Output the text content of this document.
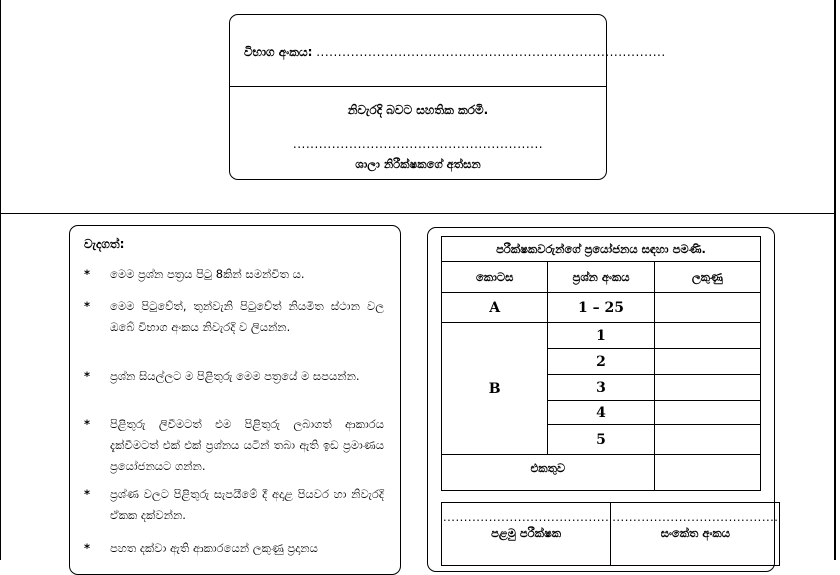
විභාග අංකය: .................................................................................
නිවැරදි බවට සහතික කරමි.
..........................................................
ශාලා නිරීක්ෂකගේ අත්සන
වැදගත්:
*	මෙම ප්‍රශ්න පත්‍රය පිටු 8කින් සමන්විත ය.
*	මෙම පිටුවේත්, තුන්වැනි පිටුවේත් නියමිත ස්ථාන වල ඔබේ විභාග අංකය නිවැරදි ව ලියන්න.
*	ප්‍රශ්න සියල්ලට ම පිළිතුරු මෙම පත්‍රයේ ම සපයන්න.
*	පිළිතුරු ලිවීමටත් එම පිළිතුරු ලබාගත් ආකාරය දැක්වීමටත් එක් එක් ප්‍රශ්නය යටින් තබා ඇති ඉඩ ප්‍රමාණය ප්‍රයෝජනයට ගන්න.
*	ප්‍රශ්ණ වලට පිළිතුරු සැපයීමේ දී අදාළ පියවර හා නිවැරදි ඒකක දක්වන්න.
*	පහත දක්වා ඇති ආකාරයෙන් ලකුණු ප්‍රදානය
පරීක්ෂකවරුන්ගේ ප්‍රයෝජනය සඳහා පමණි.		
කොටස	ප්‍රශ්න අංකය	ලකුණු
A	1 – 25	
B	1	
	2	
	3	
	4	
	5	
එකතුව		
........................................
පළමු පරීක්ෂක

........................................
සංකේත අංකය
